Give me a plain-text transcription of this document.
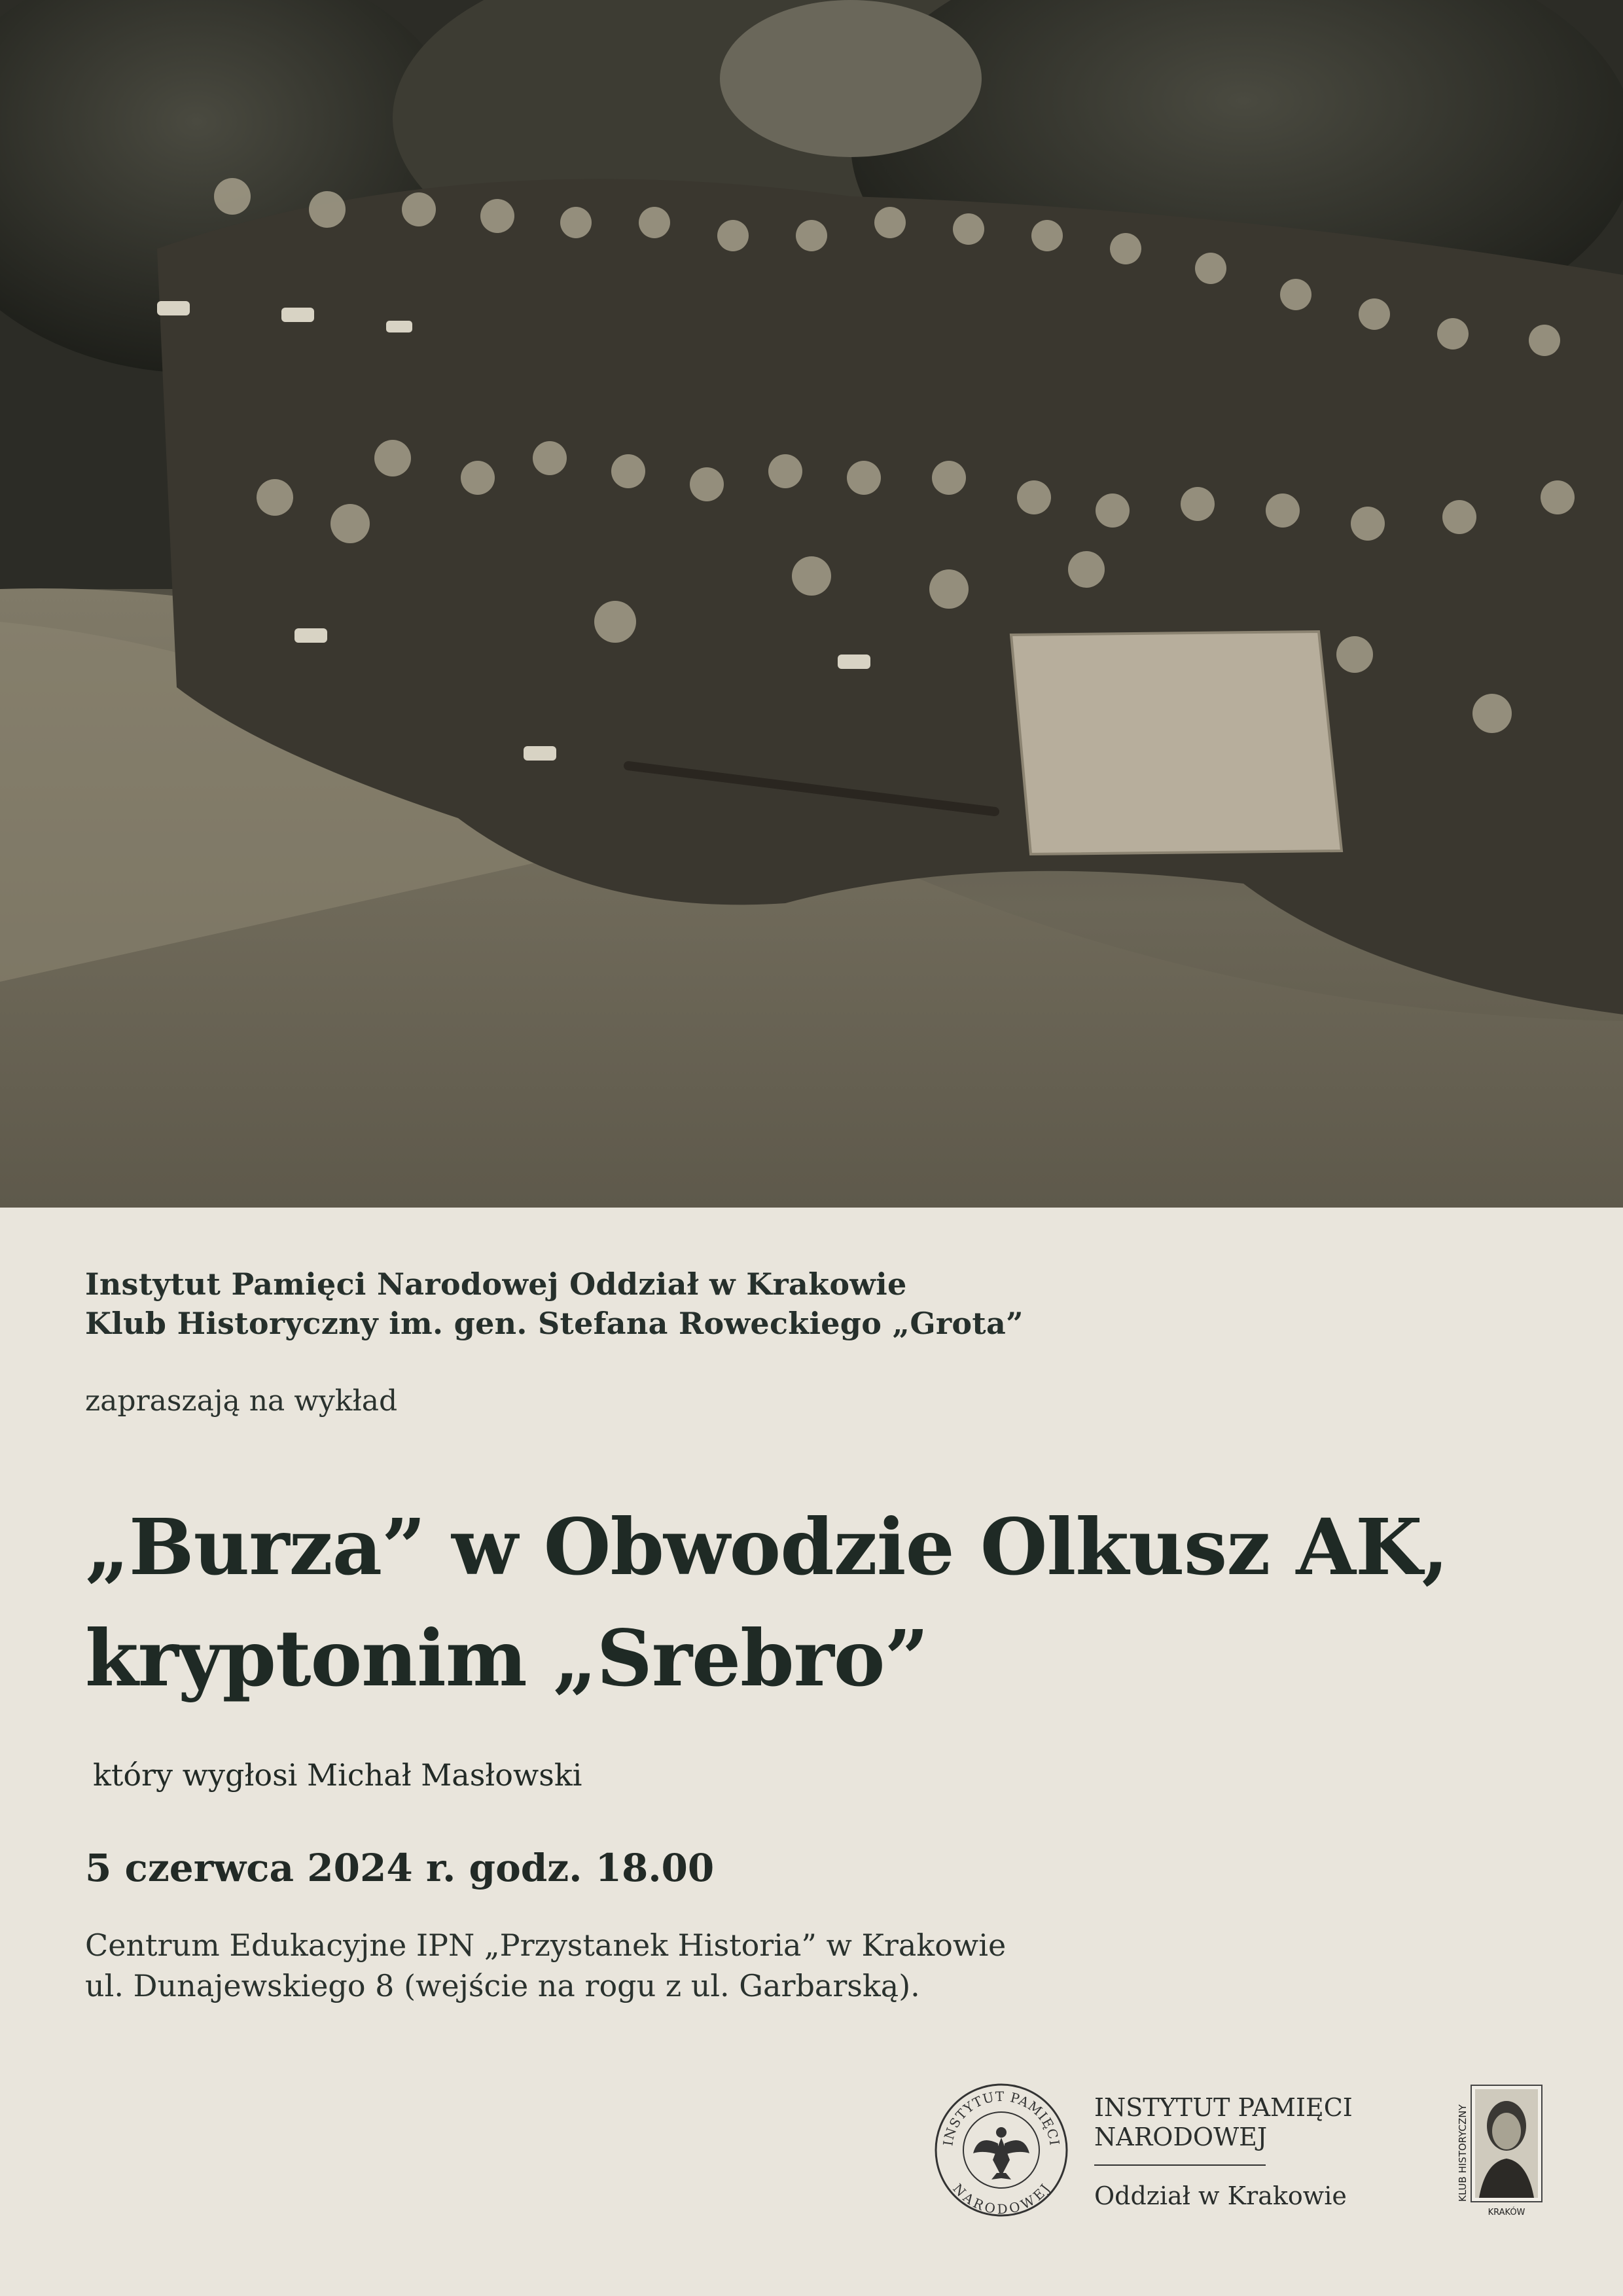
Instytut Pamięci Narodowej Oddział w Krakowie
Klub Historyczny im. gen. Stefana Roweckiego „Grota”
zapraszają na wykład
„Burza” w Obwodzie Olkusz AK,
kryptonim „Srebro”
który wygłosi Michał Masłowski
5 czerwca 2024 r. godz. 18.00
Centrum Edukacyjne IPN „Przystanek Historia” w Krakowie
ul. Dunajewskiego 8 (wejście na rogu z ul. Garbarską).
INSTYTUT PAMIĘCI
NARODOWEJ
INSTYTUT PAMIĘCI
NARODOWEJ
Oddział w Krakowie	KLUB HISTORYCZNY
KRAKÓW
